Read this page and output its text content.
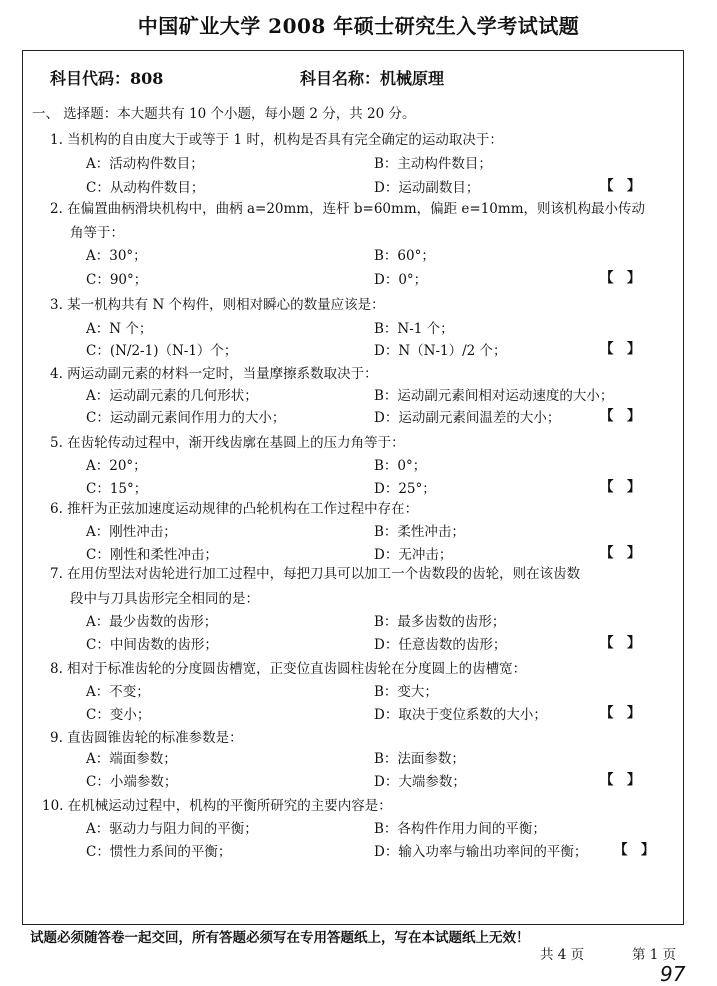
中国矿业大学 2008 年硕士研究生入学考试试题
科目代码：808	科目名称：机械原理
一、 选择题：本大题共有 10 个小题，每小题 2 分，共 20 分。
1. 当机构的自由度大于或等于 1 时，机构是否具有完全确定的运动取决于：
A：活动构件数目；	B：主动构件数目；
C：从动构件数目；	D：运动副数目；	【　】
2. 在偏置曲柄滑块机构中，曲柄 a=20mm，连杆 b=60mm，偏距 e=10mm，则该机构最小传动
角等于：
A：30°；	B：60°；
C：90°；	D：0°；	【　】
3. 某一机构共有 N 个构件，则相对瞬心的数量应该是：
A：N 个；	B：N-1 个；
C：(N/2-1)（N-1）个；	D：N（N-1）/2 个；	【　】
4. 两运动副元素的材料一定时，当量摩擦系数取决于：
A：运动副元素的几何形状；	B：运动副元素间相对运动速度的大小；
C：运动副元素间作用力的大小；	D：运动副元素间温差的大小；	【　】
5. 在齿轮传动过程中，渐开线齿廓在基圆上的压力角等于：
A：20°；	B：0°；
C：15°；	D：25°；	【　】
6. 推杆为正弦加速度运动规律的凸轮机构在工作过程中存在：
A：刚性冲击；	B：柔性冲击；
C：刚性和柔性冲击；	D：无冲击；	【　】
7. 在用仿型法对齿轮进行加工过程中，每把刀具可以加工一个齿数段的齿轮，则在该齿数
段中与刀具齿形完全相同的是：
A：最少齿数的齿形；	B：最多齿数的齿形；
C：中间齿数的齿形；	D：任意齿数的齿形；	【　】
8. 相对于标准齿轮的分度圆齿槽宽，正变位直齿圆柱齿轮在分度圆上的齿槽宽：
A：不变；	B：变大；
C：变小；	D：取决于变位系数的大小；	【　】
9. 直齿圆锥齿轮的标准参数是：
A：端面参数；	B：法面参数；
C：小端参数；	D：大端参数；	【　】
10. 在机械运动过程中，机构的平衡所研究的主要内容是：
A：驱动力与阻力间的平衡；	B：各构件作用力间的平衡；
C：惯性力系间的平衡；	D：输入功率与输出功率间的平衡； 【　】
试题必须随答卷一起交回，所有答题必须写在专用答题纸上，写在本试题纸上无效！
共 4 页	第 1 页
97
